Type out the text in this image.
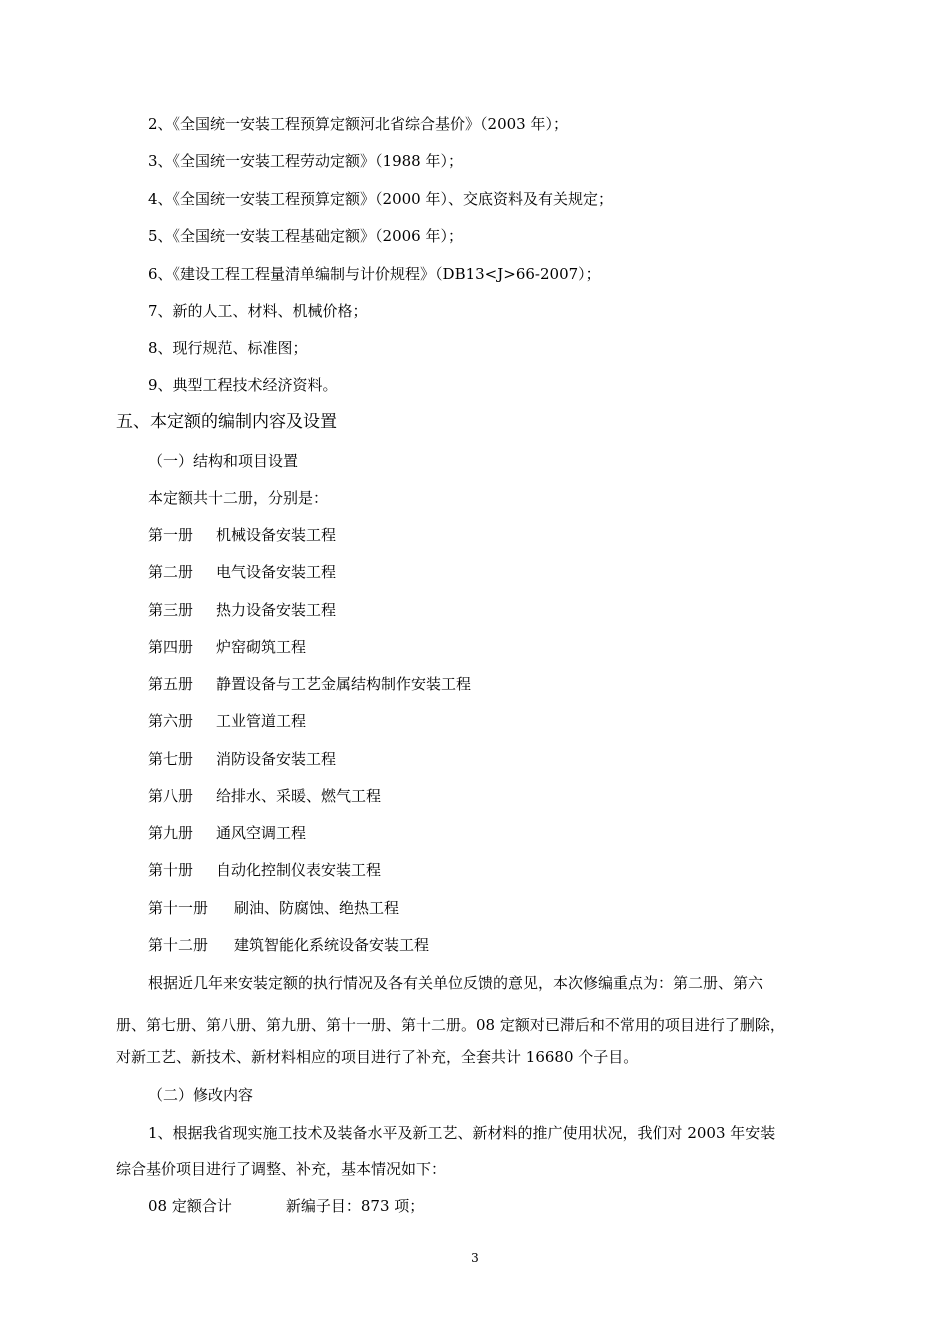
2、《全国统一安装工程预算定额河北省综合基价》（2003 年）；
3、《全国统一安装工程劳动定额》（1988 年）；
4、《全国统一安装工程预算定额》（2000 年）、交底资料及有关规定；
5、《全国统一安装工程基础定额》（2006 年）；
6、《建设工程工程量清单编制与计价规程》（DB13<J>66-2007）；
7、新的人工、材料、机械价格；
8、现行规范、标准图；
9、典型工程技术经济资料。
五、本定额的编制内容及设置
（一）结构和项目设置
本定额共十二册，分别是：
第一册 机械设备安装工程
第二册 电气设备安装工程
第三册 热力设备安装工程
第四册 炉窑砌筑工程
第五册 静置设备与工艺金属结构制作安装工程
第六册 工业管道工程
第七册 消防设备安装工程
第八册 给排水、采暖、燃气工程
第九册 通风空调工程
第十册 自动化控制仪表安装工程
第十一册 刷油、防腐蚀、绝热工程
第十二册 建筑智能化系统设备安装工程
根据近几年来安装定额的执行情况及各有关单位反馈的意见，本次修编重点为：第二册、第六
册、第七册、第八册、第九册、第十一册、第十二册。08 定额对已滞后和不常用的项目进行了删除，
对新工艺、新技术、新材料相应的项目进行了补充，全套共计 16680 个子目。
（二）修改内容
1、根据我省现实施工技术及装备水平及新工艺、新材料的推广使用状况，我们对 2003 年安装
综合基价项目进行了调整、补充，基本情况如下：
08 定额合计	新编子目：873 项；
3
